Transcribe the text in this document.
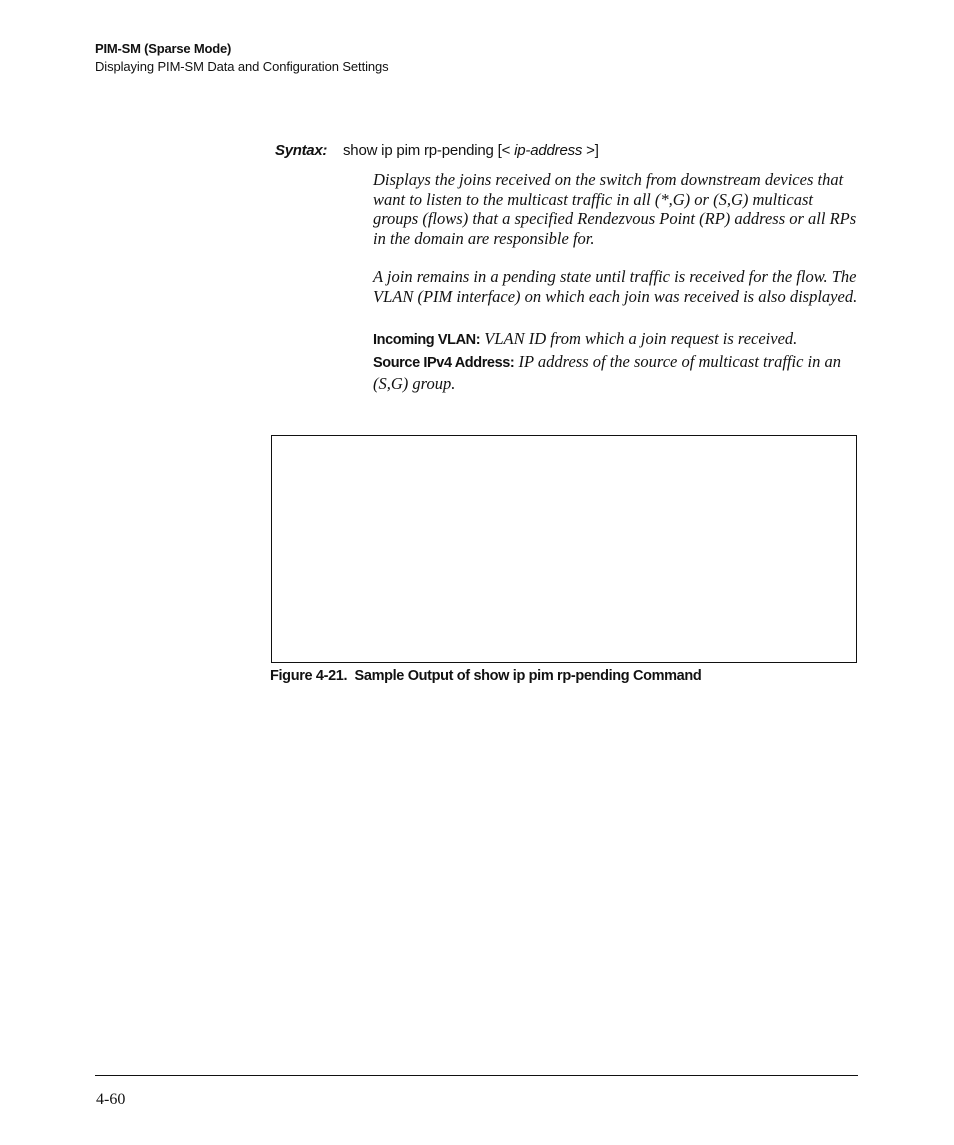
PIM-SM (Sparse Mode)
Displaying PIM-SM Data and Configuration Settings
Syntax: show ip pim rp-pending [< ip-address >]

Displays the joins received on the switch from downstream devices that want to listen to the multicast traffic in all (*,G) or (S,G) multicast groups (flows) that a specified Rendezvous Point (RP) address or all RPs in the domain are responsible for.

A join remains in a pending state until traffic is received for the flow. The VLAN (PIM interface) on which each join was received is also displayed.

Incoming VLAN: VLAN ID from which a join request is received.
Source IPv4 Address: IP address of the source of multicast traffic in an (S,G) group.
Figure 4-21.  Sample Output of show ip pim rp-pending Command
4-60
